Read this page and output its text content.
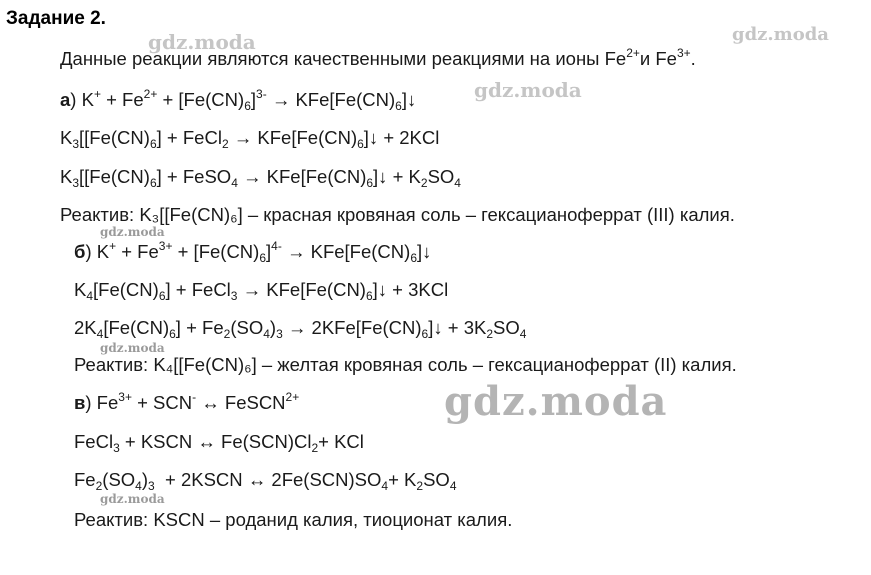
Задание 2.
gdz.moda	gdz.moda
gdz.moda
gdz.moda
gdz.moda
gdz.moda
gdz.moda
Данные реакции являются качественными реакциями на ионы $Fe^{2+}и$ $Fe^{3+}$.
а) $K^+ + Fe^{2+} + [Fe(CN)_6]^{3-}$ → $KFe[Fe(CN)_6]↓$
$K_3[[Fe(CN)_6]$ + FeCl$_2$ → $KFe[Fe(CN)_6]↓ + 2KCl$
$K_3[[Fe(CN)_6]$ + FeSO$_4$ → $KFe[Fe(CN)_6]↓ + K_2SO_4$
Реактив: K₃[[Fe(CN)₆] – красная кровяная соль – гексацианоферрат (III) калия.
б) $K^+ + Fe^{3+} + [Fe(CN)_6]^{4-}$ → $KFe[Fe(CN)_6]↓$
$K_4[Fe(CN)_6]$ + FeCl$_3$ → $KFe[Fe(CN)_6]↓ + 3KCl$
$2K_4[Fe(CN)_6] + Fe_2(SO_4)_3$ → $2KFe[Fe(CN)_6]↓ + 3K_2SO_4$
Реактив: K₄[[Fe(CN)₆] – желтая кровяная соль – гексацианоферрат (II) калия.
в) $Fe^{3+} + SCN^-$ ↔ FeSCN$^{2+}$
FeCl$_3$ + KSCN ↔ $Fe(SCN)Cl_2+$ KCl
$Fe_2(SO_4)_3$  + 2KSCN ↔ $2Fe(SCN)SO_4+ K_2SO_4$
Реактив: KSCN – роданид калия, тиоционат калия.
